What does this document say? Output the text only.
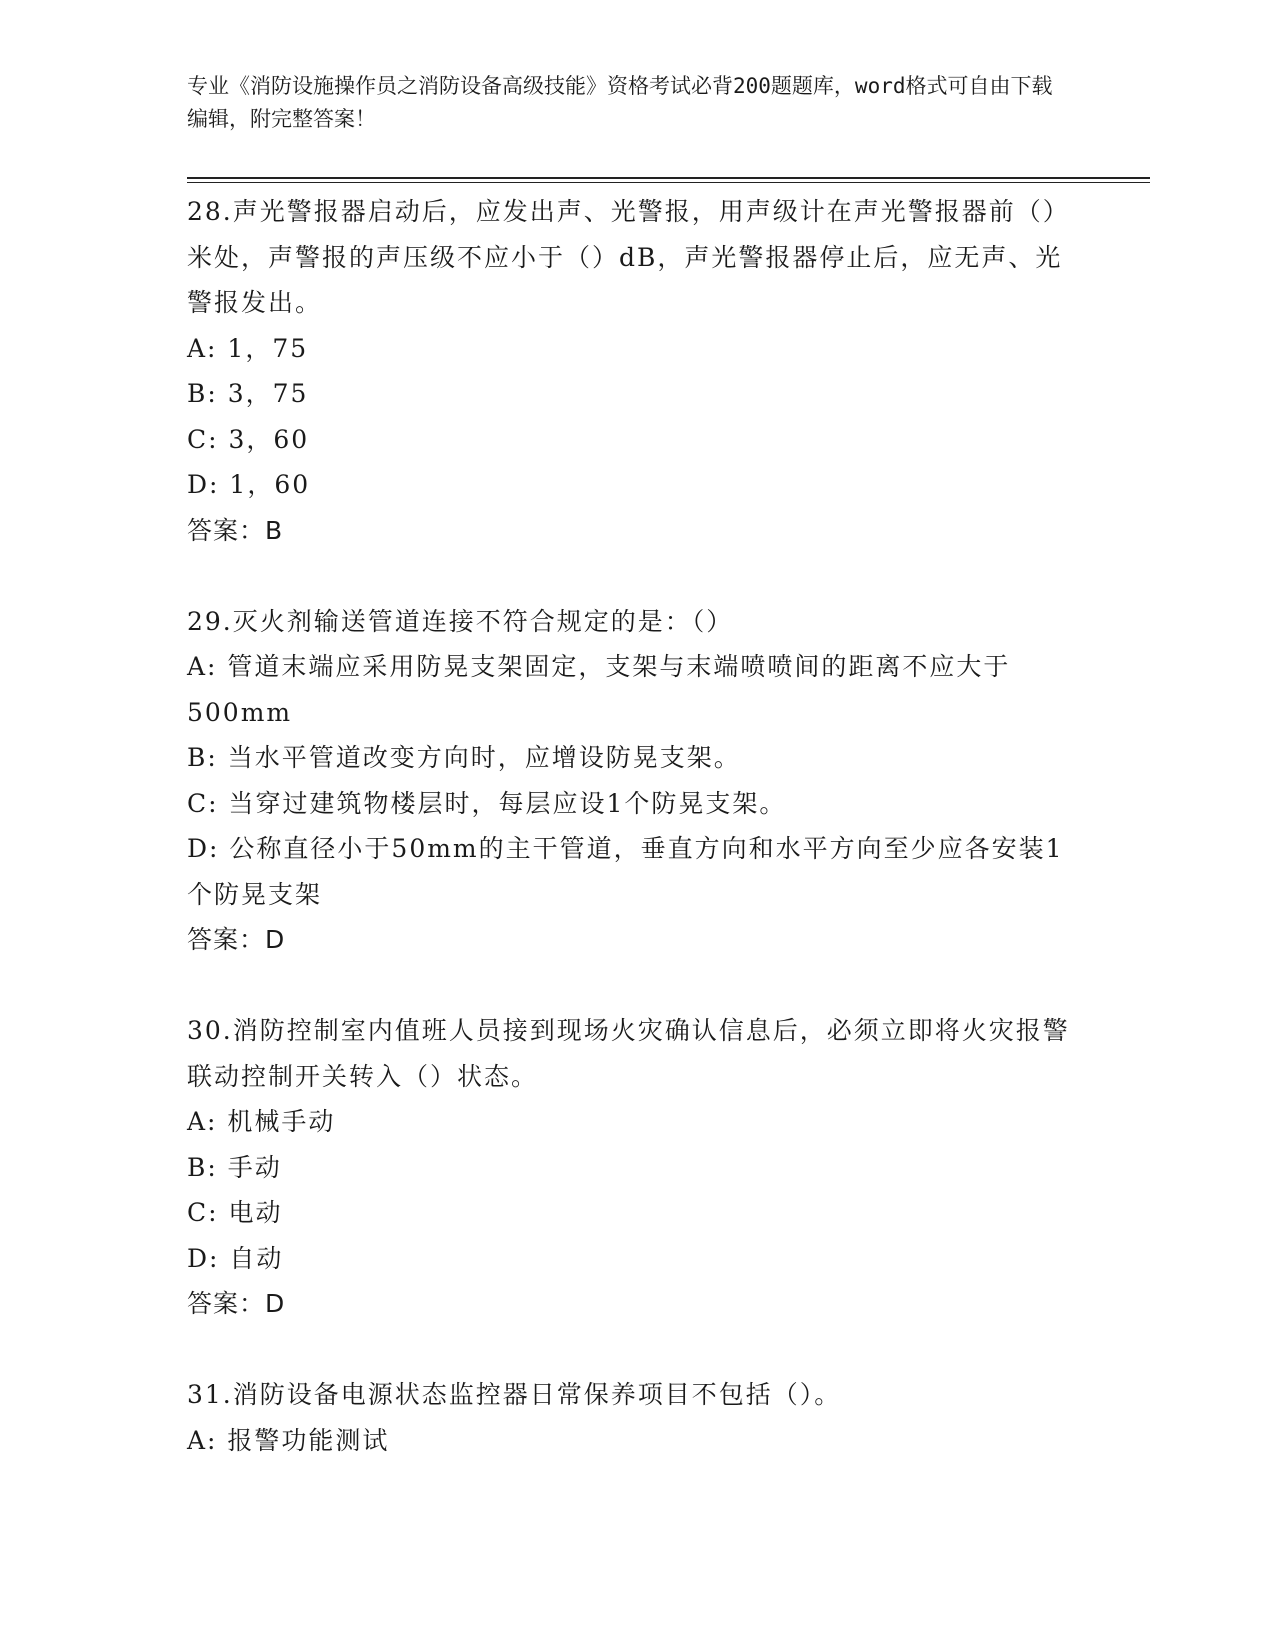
专业《消防设施操作员之消防设备高级技能》资格考试必背200题题库，word格式可自由下载编辑，附完整答案！

28.声光警报器启动后，应发出声、光警报，用声级计在声光警报器前（）米处，声警报的声压级不应小于（）dB，声光警报器停止后，应无声、光警报发出。

A: 1，75

B: 3，75

C: 3，60

D: 1，60

答案：B

29.灭火剂输送管道连接不符合规定的是：（）

A: 管道末端应采用防晃支架固定，支架与末端喷喷间的距离不应大于500mm

B: 当水平管道改变方向时，应增设防晃支架。

C: 当穿过建筑物楼层时，每层应设1个防晃支架。

D: 公称直径小于50mm的主干管道，垂直方向和水平方向至少应各安装1个防晃支架

答案：D

30.消防控制室内值班人员接到现场火灾确认信息后，必须立即将火灾报警联动控制开关转入（）状态。

A: 机械手动

B: 手动

C: 电动

D: 自动

答案：D

31.消防设备电源状态监控器日常保养项目不包括（）。

A: 报警功能测试
